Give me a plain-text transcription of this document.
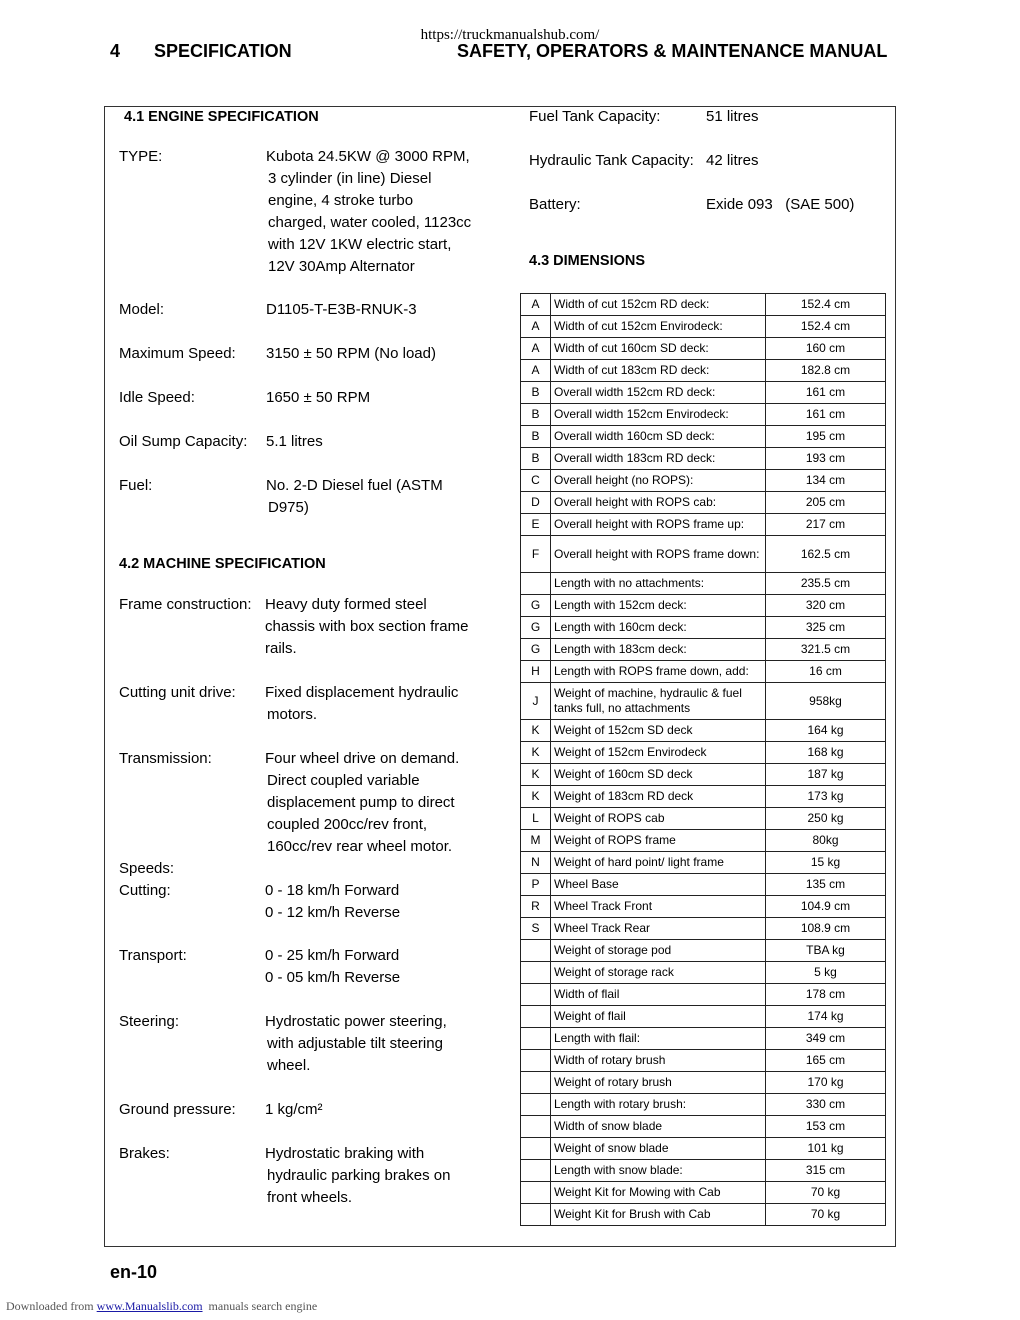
https://truckmanualshub.com/
4 SPECIFICATION	SAFETY, OPERATORS & MAINTENANCE MANUAL
4.1 ENGINE SPECIFICATION
TYPE:	Kubota 24.5KW @ 3000 RPM,
3 cylinder (in line) Diesel
engine, 4 stroke turbo
charged, water cooled, 1123cc
with 12V 1KW electric start,
12V 30Amp Alternator
Model:	D1105-T-E3B-RNUK-3
Maximum Speed: 3150 ± 50 RPM (No load)
Idle Speed:	1650 ± 50 RPM
Oil Sump Capacity: 5.1 litres
Fuel:	No. 2-D Diesel fuel (ASTM
D975)
4.2 MACHINE SPECIFICATION
Frame construction: Heavy duty formed steel
chassis with box section frame
rails.
Cutting unit drive: Fixed displacement hydraulic
motors.
Transmission:	Four wheel drive on demand.
Direct coupled variable
displacement pump to direct
coupled 200cc/rev front,
160cc/rev rear wheel motor.
Speeds:
Cutting:	0 - 18 km/h Forward
0 - 12 km/h Reverse
Transport:	0 - 25 km/h Forward
0 - 05 km/h Reverse
Steering:	Hydrostatic power steering,
with adjustable tilt steering
wheel.
Ground pressure: 1 kg/cm²
Brakes:	Hydrostatic braking with
hydraulic parking brakes on
front wheels.
Fuel Tank Capacity:	51 litres
Hydraulic Tank Capacity: 42 litres
Battery:	Exide 093   (SAE 500)
4.3 DIMENSIONS
A	Width of cut 152cm RD deck:	152.4 cm
A	Width of cut 152cm Envirodeck:	152.4 cm
A	Width of cut 160cm SD deck:	160 cm
A	Width of cut 183cm RD deck:	182.8 cm
B	Overall width 152cm RD deck:	161 cm
B	Overall width 152cm Envirodeck:	161 cm
B	Overall width 160cm SD deck:	195 cm
B	Overall width 183cm RD deck:	193 cm
C	Overall height (no ROPS):	134 cm
D	Overall height with ROPS cab:	205 cm
E	Overall height with ROPS frame up:	217 cm
F	Overall height with ROPS frame down:	162.5 cm
	Length with no attachments:	235.5 cm
G	Length with 152cm deck:	320 cm
G	Length with 160cm deck:	325 cm
G	Length with 183cm deck:	321.5 cm
H	Length with ROPS frame down, add:	16 cm
J	Weight of machine, hydraulic & fuel tanks full, no attachments	958kg
K	Weight of 152cm SD deck	164 kg
K	Weight of 152cm Envirodeck	168 kg
K	Weight of 160cm SD deck	187 kg
K	Weight of 183cm RD deck	173 kg
L	Weight of ROPS cab	250 kg
M	Weight of ROPS frame	80kg
N	Weight of hard point/ light frame	15 kg
P	Wheel Base	135 cm
R	Wheel Track Front	104.9 cm
S	Wheel Track Rear	108.9 cm
	Weight of storage pod	TBA kg
	Weight of storage rack	5 kg
	Width of flail	178 cm
	Weight of flail	174 kg
	Length with flail:	349 cm
	Width of rotary brush	165 cm
	Weight of rotary brush	170 kg
	Length with rotary brush:	330 cm
	Width of snow blade	153 cm
	Weight of snow blade	101 kg
	Length with snow blade:	315 cm
	Weight Kit for Mowing with Cab	70 kg
	Weight Kit for Brush with Cab	70 kg
en-10
Downloaded from www.Manualslib.com  manuals search engine
